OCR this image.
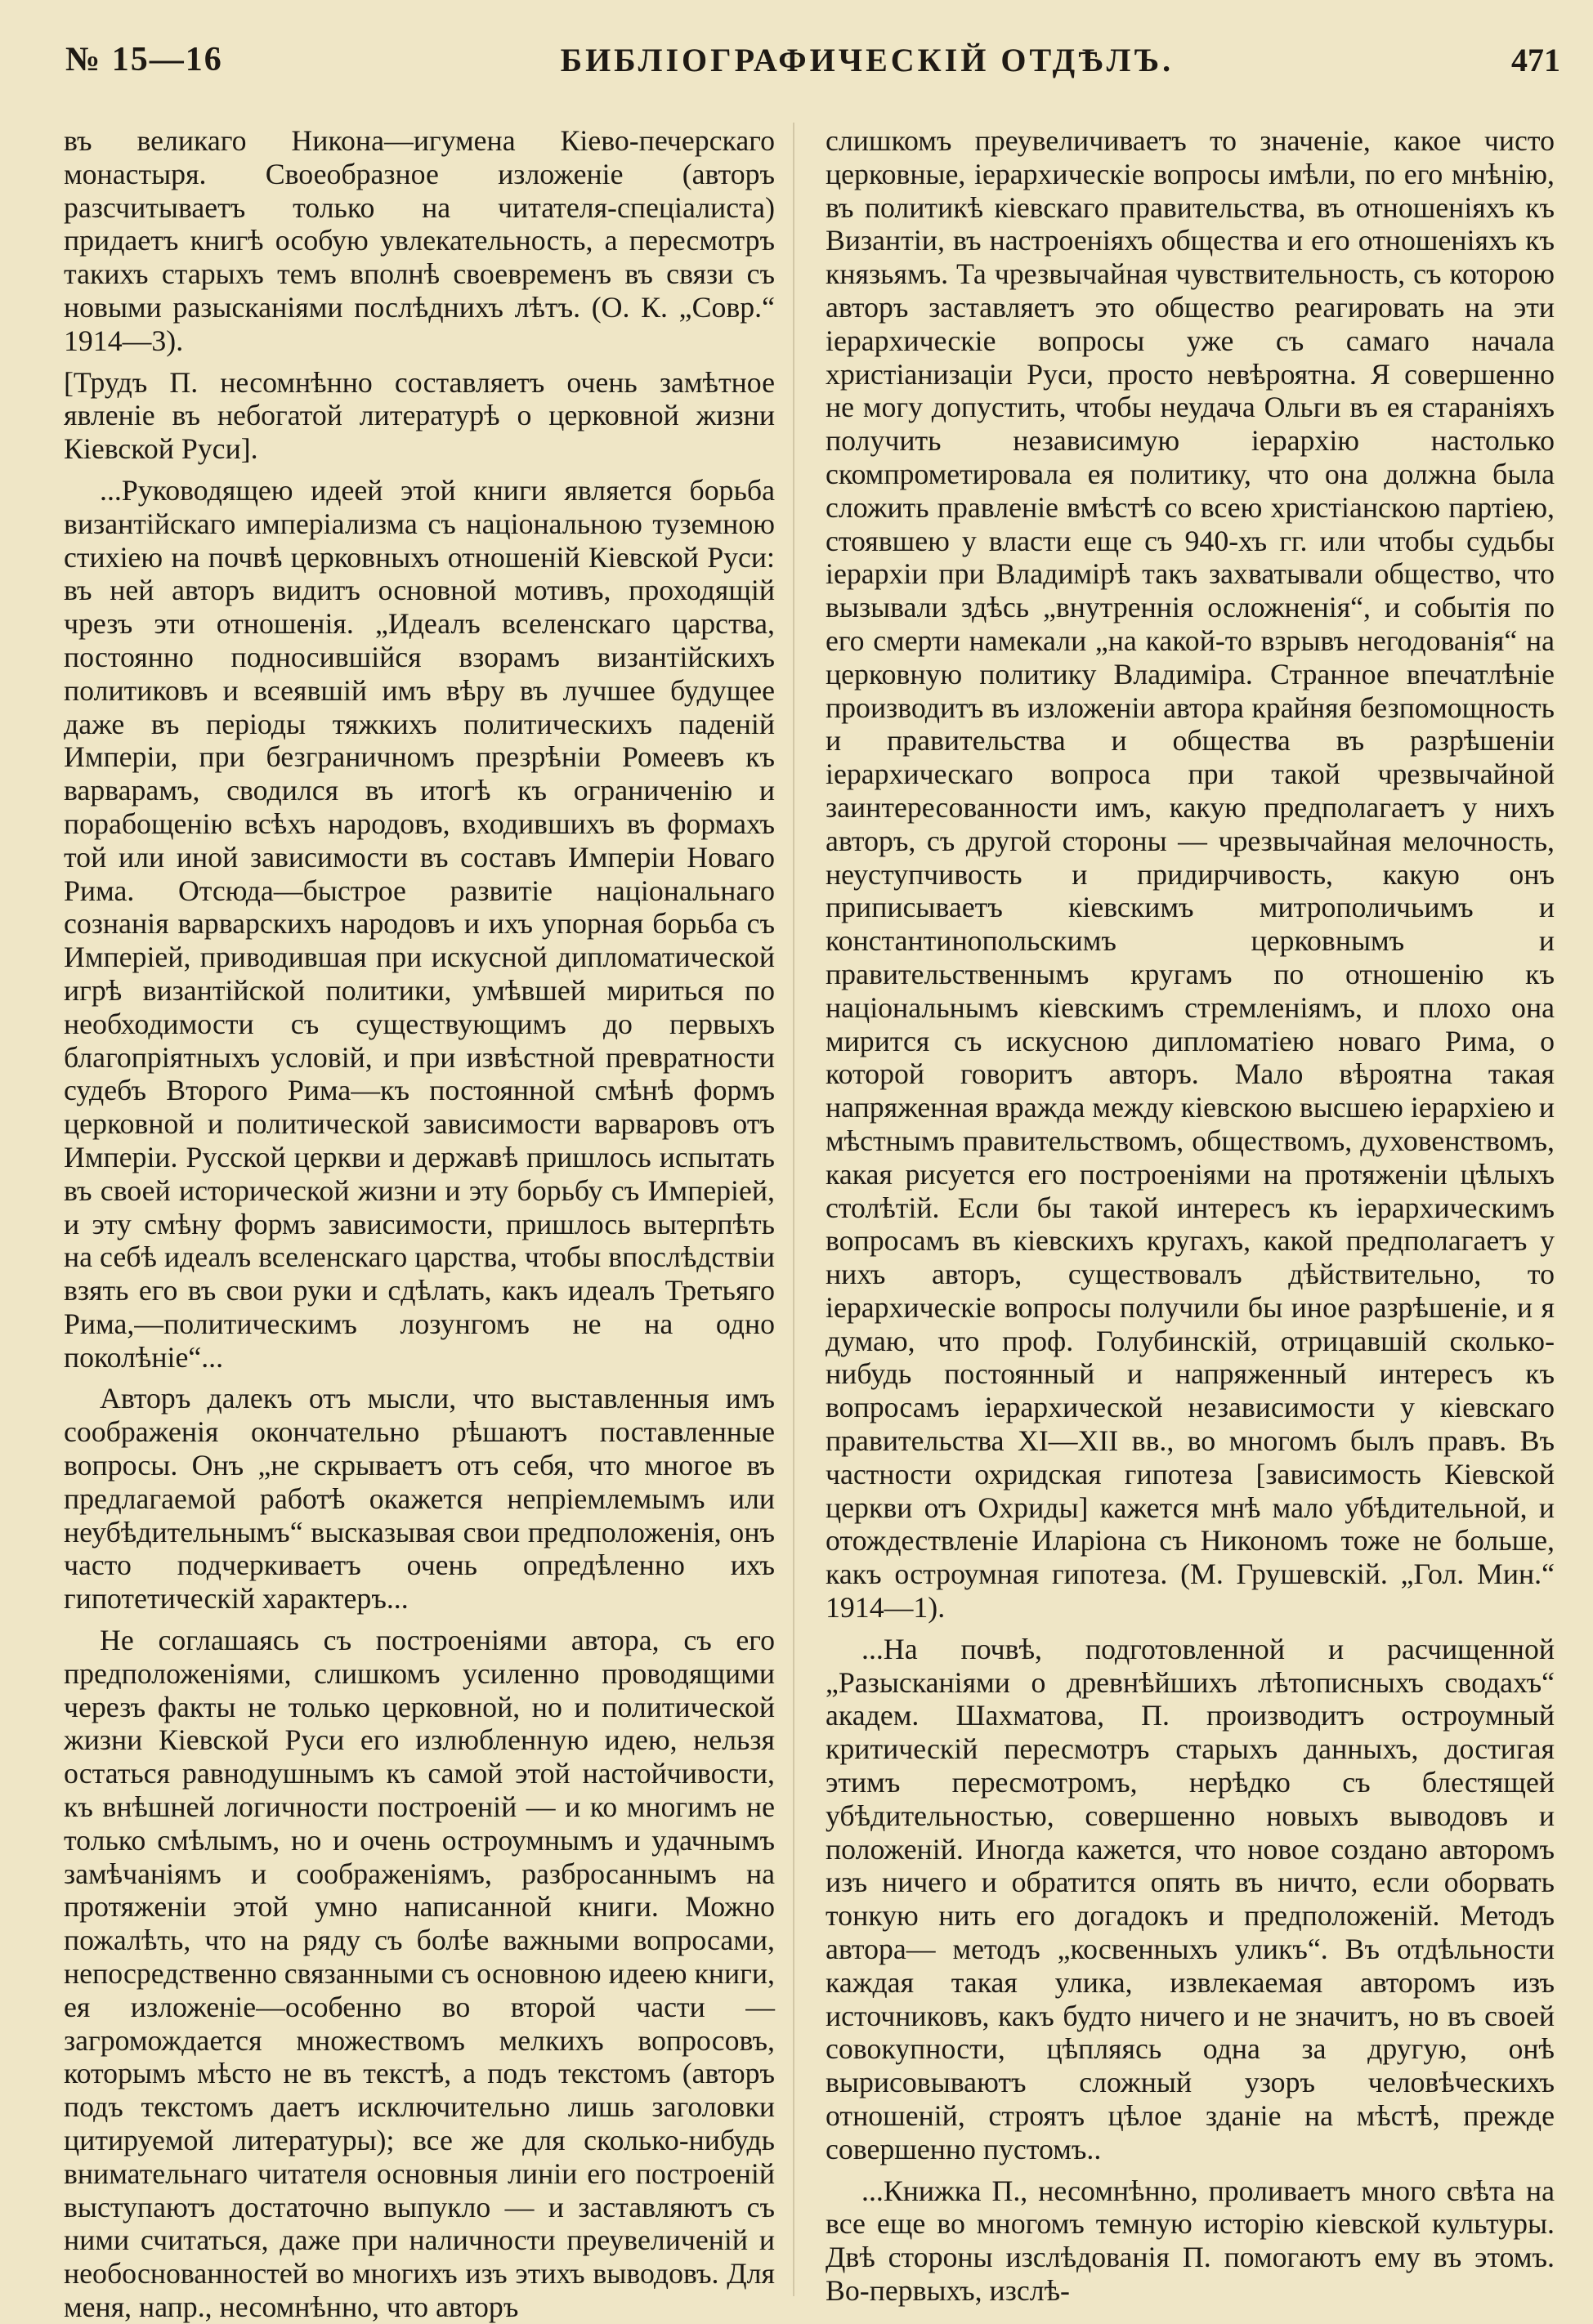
№ 15—16	БИБЛІОГРАФИЧЕСКІЙ ОТДѢЛЪ.	471

въ великаго Никона—игумена Кіево-печерскаго монастыря. Своеобразное изложеніе (авторъ разсчитываетъ только на читателя-спеціалиста) придаетъ книгѣ особую увлекательность, а пересмотръ такихъ старыхъ темъ вполнѣ своевременъ въ связи съ новыми разысканіями послѣднихъ лѣтъ. (О. К. „Совр.“ 1914—3).

[Трудъ П. несомнѣнно составляетъ очень замѣтное явленіе въ небогатой литературѣ о церковной жизни Кіевской Руси].

...Руководящею идеей этой книги является борьба византійскаго имперіализма съ національною туземною стихіею на почвѣ церковныхъ отношеній Кіевской Руси: въ ней авторъ видитъ основной мотивъ, проходящій чрезъ эти отношенія. „Идеалъ вселенскаго царства, постоянно подносившійся взорамъ византійскихъ политиковъ и всеявшій имъ вѣру въ лучшее будущее даже въ періоды тяжкихъ политическихъ паденій Имперіи, при безграничномъ презрѣніи Ромеевъ къ варварамъ, сводился въ итогѣ къ ограниченію и порабощенію всѣхъ народовъ, входившихъ въ формахъ той или иной зависимости въ составъ Имперіи Новаго Рима. Отсюда—быстрое развитіе національнаго сознанія варварскихъ народовъ и ихъ упорная борьба съ Имперіей, приводившая при искусной дипломатической игрѣ византійской политики, умѣвшей мириться по необходимости съ существующимъ до первыхъ благопріятныхъ условій, и при извѣстной превратности судебъ Второго Рима—къ постоянной смѣнѣ формъ церковной и политической зависимости варваровъ отъ Имперіи. Русской церкви и державѣ пришлось испытать въ своей исторической жизни и эту борьбу съ Имперіей, и эту смѣну формъ зависимости, пришлось вытерпѣть на себѣ идеалъ вселенскаго царства, чтобы впослѣдствіи взять его въ свои руки и сдѣлать, какъ идеалъ Третьяго Рима,—политическимъ лозунгомъ не на одно поколѣніе“...

Авторъ далекъ отъ мысли, что выставленныя имъ соображенія окончательно рѣшаютъ поставленные вопросы. Онъ „не скрываетъ отъ себя, что многое въ предлагаемой работѣ окажется непріемлемымъ или неубѣдительнымъ“ высказывая свои предположенія, онъ часто подчеркиваетъ очень опредѣленно ихъ гипотетическій характеръ...

Не соглашаясь съ построеніями автора, съ его предположеніями, слишкомъ усиленно проводящими черезъ факты не только церковной, но и политической жизни Кіевской Руси его излюбленную идею, нельзя остаться равнодушнымъ къ самой этой настойчивости, къ внѣшней логичности построеній — и ко многимъ не только смѣлымъ, но и очень остроумнымъ и удачнымъ замѣчаніямъ и соображеніямъ, разбросаннымъ на протяженіи этой умно написанной книги. Можно пожалѣть, что на ряду съ болѣе важными вопросами, непосредственно связанными съ основною идеею книги, ея изложеніе—особенно во второй части — загромождается множествомъ мелкихъ вопросовъ, которымъ мѣсто не въ текстѣ, а подъ текстомъ (авторъ подъ текстомъ даетъ исключительно лишь заголовки цитируемой литературы); все же для сколько-нибудь внимательнаго читателя основныя линіи его построеній выступаютъ достаточно выпукло — и заставляютъ съ ними считаться, даже при наличности преувеличеній и необоснованностей во многихъ изъ этихъ выводовъ. Для меня, напр., несомнѣнно, что авторъ

слишкомъ преувеличиваетъ то значеніе, какое чисто церковные, іерархическіе вопросы имѣли, по его мнѣнію, въ политикѣ кіевскаго правительства, въ отношеніяхъ къ Византіи, въ настроеніяхъ общества и его отношеніяхъ къ князьямъ. Та чрезвычайная чувствительность, съ которою авторъ заставляетъ это общество реагировать на эти іерархическіе вопросы уже съ самаго начала христіанизаціи Руси, просто невѣроятна. Я совершенно не могу допустить, чтобы неудача Ольги въ ея стараніяхъ получить независимую іерархію настолько скомпрометировала ея политику, что она должна была сложить правленіе вмѣстѣ со всею христіанскою партіею, стоявшею у власти еще съ 940-хъ гг. или чтобы судьбы іерархіи при Владимірѣ такъ захватывали общество, что вызывали здѣсь „внутреннія осложненія“, и событія по его смерти намекали „на какой-то взрывъ негодованія“ на церковную политику Владиміра. Странное впечатлѣніе производитъ въ изложеніи автора крайняя безпомощность и правительства и общества въ разрѣшеніи іерархическаго вопроса при такой чрезвычайной заинтересованности имъ, какую предполагаетъ у нихъ авторъ, съ другой стороны — чрезвычайная мелочность, неуступчивость и придирчивость, какую онъ приписываетъ кіевскимъ митрополичьимъ и константинопольскимъ церковнымъ и правительственнымъ кругамъ по отношенію къ національнымъ кіевскимъ стремленіямъ, и плохо она мирится съ искусною дипломатіею новаго Рима, о которой говоритъ авторъ. Мало вѣроятна такая напряженная вражда между кіевскою высшею іерархіею и мѣстнымъ правительствомъ, обществомъ, духовенствомъ, какая рисуется его построеніями на протяженіи цѣлыхъ столѣтій. Если бы такой интересъ къ іерархическимъ вопросамъ въ кіевскихъ кругахъ, какой предполагаетъ у нихъ авторъ, существовалъ дѣйствительно, то іерархическіе вопросы получили бы иное разрѣшеніе, и я думаю, что проф. Голубинскій, отрицавшій сколько-нибудь постоянный и напряженный интересъ къ вопросамъ іерархической независимости у кіевскаго правительства XI—XII вв., во многомъ былъ правъ. Въ частности охридская гипотеза [зависимость Кіевской церкви отъ Охриды] кажется мнѣ мало убѣдительной, и отождествленіе Иларіона съ Никономъ тоже не больше, какъ остроумная гипотеза. (М. Грушевскій. „Гол. Мин.“ 1914—1).

...На почвѣ, подготовленной и расчищенной „Разысканіями о древнѣйшихъ лѣтописныхъ сводахъ“ академ. Шахматова, П. производитъ остроумный критическій пересмотръ старыхъ данныхъ, достигая этимъ пересмотромъ, нерѣдко съ блестящей убѣдительностью, совершенно новыхъ выводовъ и положеній. Иногда кажется, что новое создано авторомъ изъ ничего и обратится опять въ ничто, если оборвать тонкую нить его догадокъ и предположеній. Методъ автора— методъ „косвенныхъ уликъ“. Въ отдѣльности каждая такая улика, извлекаемая авторомъ изъ источниковъ, какъ будто ничего и не значитъ, но въ своей совокупности, цѣпляясь одна за другую, онѣ вырисовываютъ сложный узоръ человѣческихъ отношеній, строятъ цѣлое зданіе на мѣстѣ, прежде совершенно пустомъ..

...Книжка П., несомнѣнно, проливаетъ много свѣта на все еще во многомъ темную исторію кіевской культуры. Двѣ стороны изслѣдованія П. помогаютъ ему въ этомъ. Во-первыхъ, изслѣ-
